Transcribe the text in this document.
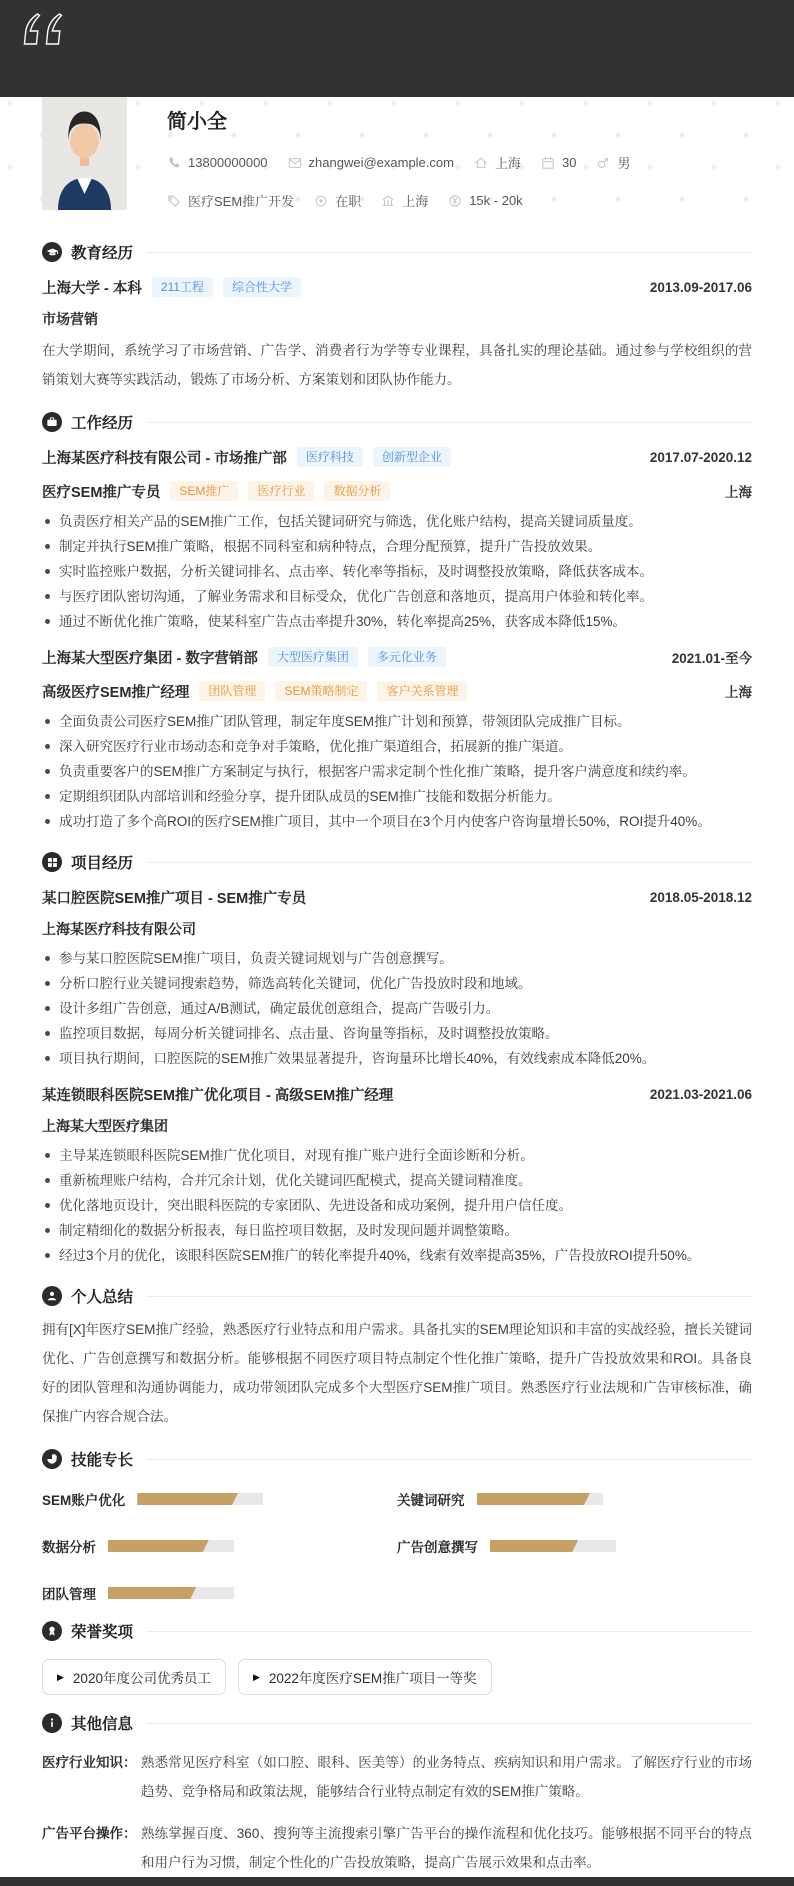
简小全
13800000000	zhangwei@example.com	上海	30	男
医疗SEM推广开发	在职	上海	15k - 20k
教育经历
上海大学 - 本科	211工程	综合性大学	2013.09-2017.06
市场营销
在大学期间，系统学习了市场营销、广告学、消费者行为学等专业课程，具备扎实的理论基础。通过参与学校组织的营销策划大赛等实践活动，锻炼了市场分析、方案策划和团队协作能力。
工作经历
上海某医疗科技有限公司 - 市场推广部	医疗科技	创新型企业	2017.07-2020.12
医疗SEM推广专员	SEM推广	医疗行业	数据分析	上海
负责医疗相关产品的SEM推广工作，包括关键词研究与筛选，优化账户结构，提高关键词质量度。
制定并执行SEM推广策略，根据不同科室和病种特点，合理分配预算，提升广告投放效果。
实时监控账户数据，分析关键词排名、点击率、转化率等指标，及时调整投放策略，降低获客成本。
与医疗团队密切沟通，了解业务需求和目标受众，优化广告创意和落地页，提高用户体验和转化率。
通过不断优化推广策略，使某科室广告点击率提升30%，转化率提高25%，获客成本降低15%。
上海某大型医疗集团 - 数字营销部	大型医疗集团	多元化业务	2021.01-至今
高级医疗SEM推广经理	团队管理	SEM策略制定	客户关系管理	上海
全面负责公司医疗SEM推广团队管理，制定年度SEM推广计划和预算，带领团队完成推广目标。
深入研究医疗行业市场动态和竞争对手策略，优化推广渠道组合，拓展新的推广渠道。
负责重要客户的SEM推广方案制定与执行，根据客户需求定制个性化推广策略，提升客户满意度和续约率。
定期组织团队内部培训和经验分享，提升团队成员的SEM推广技能和数据分析能力。
成功打造了多个高ROI的医疗SEM推广项目，其中一个项目在3个月内使客户咨询量增长50%，ROI提升40%。
项目经历
某口腔医院SEM推广项目 - SEM推广专员	2018.05-2018.12
上海某医疗科技有限公司
参与某口腔医院SEM推广项目，负责关键词规划与广告创意撰写。
分析口腔行业关键词搜索趋势，筛选高转化关键词，优化广告投放时段和地域。
设计多组广告创意，通过A/B测试，确定最优创意组合，提高广告吸引力。
监控项目数据，每周分析关键词排名、点击量、咨询量等指标，及时调整投放策略。
项目执行期间，口腔医院的SEM推广效果显著提升，咨询量环比增长40%，有效线索成本降低20%。
某连锁眼科医院SEM推广优化项目 - 高级SEM推广经理	2021.03-2021.06
上海某大型医疗集团
主导某连锁眼科医院SEM推广优化项目，对现有推广账户进行全面诊断和分析。
重新梳理账户结构，合并冗余计划，优化关键词匹配模式，提高关键词精准度。
优化落地页设计，突出眼科医院的专家团队、先进设备和成功案例，提升用户信任度。
制定精细化的数据分析报表，每日监控项目数据，及时发现问题并调整策略。
经过3个月的优化，该眼科医院SEM推广的转化率提升40%，线索有效率提高35%，广告投放ROI提升50%。
个人总结
拥有[X]年医疗SEM推广经验，熟悉医疗行业特点和用户需求。具备扎实的SEM理论知识和丰富的实战经验，擅长关键词优化、广告创意撰写和数据分析。能够根据不同医疗项目特点制定个性化推广策略，提升广告投放效果和ROI。具备良好的团队管理和沟通协调能力，成功带领团队完成多个大型医疗SEM推广项目。熟悉医疗行业法规和广告审核标准，确保推广内容合规合法。
技能专长
SEM账户优化	关键词研究
数据分析	广告创意撰写
团队管理
荣誉奖项
▶ 2020年度公司优秀员工	▶ 2022年度医疗SEM推广项目一等奖
其他信息
医疗行业知识： 熟悉常见医疗科室（如口腔、眼科、医美等）的业务特点、疾病知识和用户需求。了解医疗行业的市场趋势、竞争格局和政策法规，能够结合行业特点制定有效的SEM推广策略。
广告平台操作： 熟练掌握百度、360、搜狗等主流搜索引擎广告平台的操作流程和优化技巧。能够根据不同平台的特点和用户行为习惯，制定个性化的广告投放策略，提高广告展示效果和点击率。
